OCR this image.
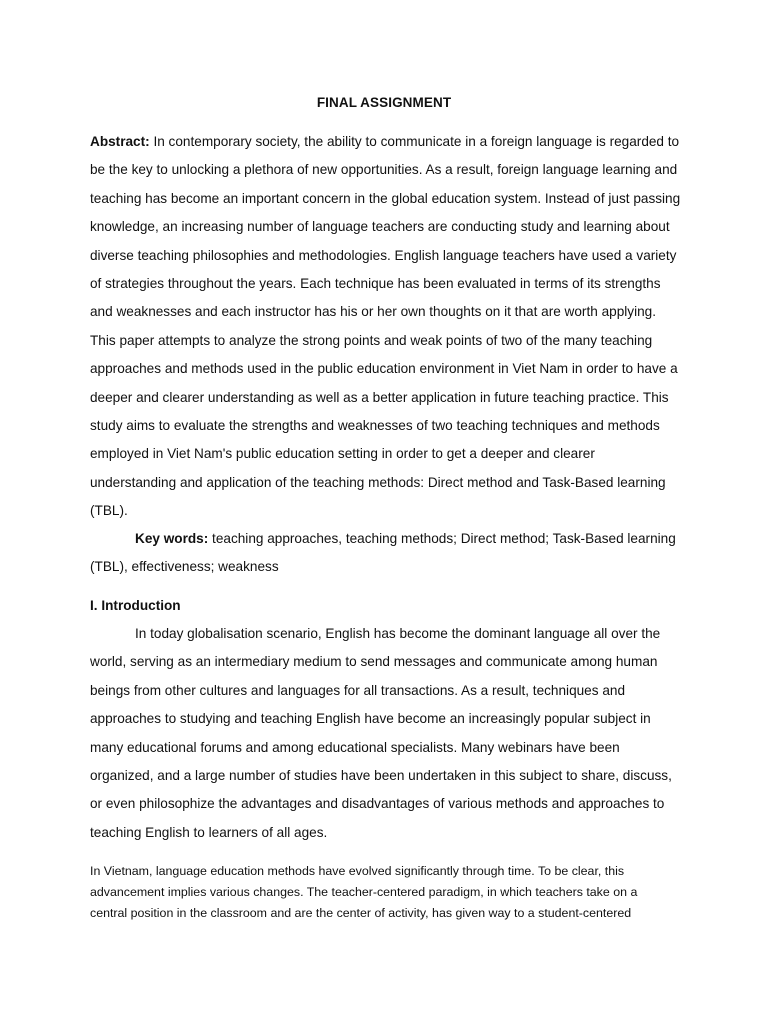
FINAL ASSIGNMENT

Abstract: In contemporary society, the ability to communicate in a foreign language is regarded to be the key to unlocking a plethora of new opportunities. As a result, foreign language learning and teaching has become an important concern in the global education system. Instead of just passing knowledge, an increasing number of language teachers are conducting study and learning about diverse teaching philosophies and methodologies. English language teachers have used a variety of strategies throughout the years. Each technique has been evaluated in terms of its strengths and weaknesses and each instructor has his or her own thoughts on it that are worth applying. This paper attempts to analyze the strong points and weak points of two of the many teaching approaches and methods used in the public education environment in Viet Nam in order to have a deeper and clearer understanding as well as a better application in future teaching practice. This study aims to evaluate the strengths and weaknesses of two teaching techniques and methods employed in Viet Nam's public education setting in order to get a deeper and clearer understanding and application of the teaching methods: Direct method and Task-Based learning (TBL).

Key words: teaching approaches, teaching methods; Direct method; Task-Based learning (TBL), effectiveness; weakness

I. Introduction

In today globalisation scenario, English has become the dominant language all over the world, serving as an intermediary medium to send messages and communicate among human beings from other cultures and languages for all transactions. As a result, techniques and approaches to studying and teaching English have become an increasingly popular subject in many educational forums and among educational specialists. Many webinars have been organized, and a large number of studies have been undertaken in this subject to share, discuss, or even philosophize the advantages and disadvantages of various methods and approaches to teaching English to learners of all ages.

In Vietnam, language education methods have evolved significantly through time. To be clear, this advancement implies various changes. The teacher-centered paradigm, in which teachers take on a central position in the classroom and are the center of activity, has given way to a student-centered
